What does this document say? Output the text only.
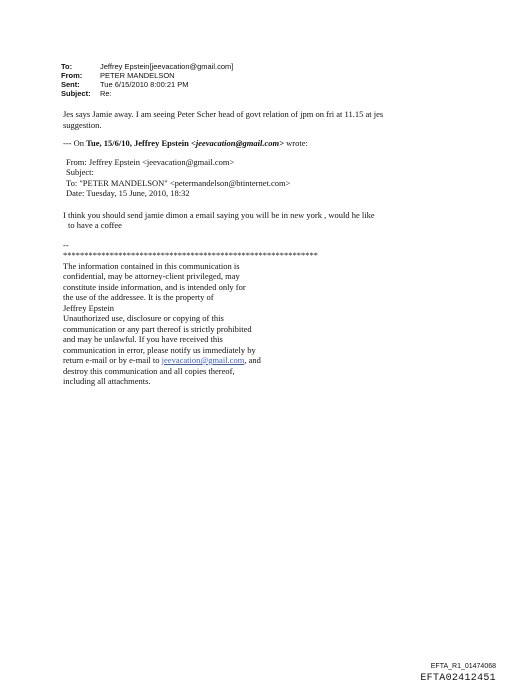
To:	Jeffrey Epstein[jeevacation@gmail.com]
From:	PETER MANDELSON
Sent:	Tue 6/15/2010 8:00:21 PM
Subject:	Re:

Jes says Jamie away. I am seeing Peter Scher head of govt relation of jpm on fri at 11.15 at jes
suggestion.

--- On Tue, 15/6/10, Jeffrey Epstein <jeevacation@gmail.com> wrote:

From: Jeffrey Epstein <jeevacation@gmail.com>
Subject:
To: "PETER MANDELSON" <petermandelson@btinternet.com>
Date: Tuesday, 15 June, 2010, 18:32
I think you should send jamie dimon a email saying you will be in new york , would he like
to have a coffee
--
************************************************************
The information contained in this communication is
confidential, may be attorney-client privileged, may
constitute inside information, and is intended only for
the use of the addressee. It is the property of
Jeffrey Epstein
Unauthorized use, disclosure or copying of this
communication or any part thereof is strictly prohibited
and may be unlawful. If you have received this
communication in error, please notify us immediately by
return e-mail or by e-mail to jeevacation@gmail.com, and
destroy this communication and all copies thereof,
including all attachments.
EFTA_R1_01474068
EFTA02412451
